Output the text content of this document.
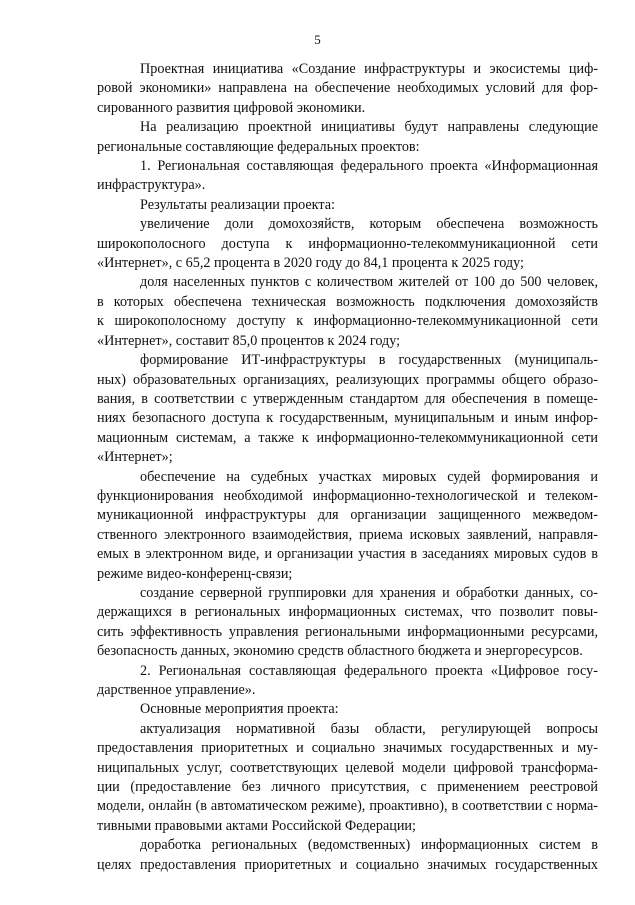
5
Проектная инициатива «Создание инфраструктуры и экосистемы циф-
ровой экономики» направлена на обеспечение необходимых условий для фор-
сированного развития цифровой экономики.
На реализацию проектной инициативы будут направлены следующие
региональные составляющие федеральных проектов:
1. Региональная составляющая федерального проекта «Информационная
инфраструктура».
Результаты реализации проекта:
увеличение доли домохозяйств, которым обеспечена возможность
широкополосного доступа к информационно-телекоммуникационной сети
«Интернет», с 65,2 процента в 2020 году до 84,1 процента к 2025 году;
доля населенных пунктов с количеством жителей от 100 до 500 человек,
в которых обеспечена техническая возможность подключения домохозяйств
к широкополосному доступу к информационно-телекоммуникационной сети
«Интернет», составит 85,0 процентов к 2024 году;
формирование ИТ-инфраструктуры в государственных (муниципаль-
ных) образовательных организациях, реализующих программы общего образо-
вания, в соответствии с утвержденным стандартом для обеспечения в помеще-
ниях безопасного доступа к государственным, муниципальным и иным инфор-
мационным системам, а также к информационно-телекоммуникационной сети
«Интернет»;
обеспечение на судебных участках мировых судей формирования и
функционирования необходимой информационно-технологической и телеком-
муникационной инфраструктуры для организации защищенного межведом-
ственного электронного взаимодействия, приема исковых заявлений, направля-
емых в электронном виде, и организации участия в заседаниях мировых судов в
режиме видео-конференц-связи;
создание серверной группировки для хранения и обработки данных, со-
держащихся в региональных информационных системах, что позволит повы-
сить эффективность управления региональными информационными ресурсами,
безопасность данных, экономию средств областного бюджета и энергоресурсов.
2. Региональная составляющая федерального проекта «Цифровое госу-
дарственное управление».
Основные мероприятия проекта:
актуализация нормативной базы области, регулирующей вопросы
предоставления приоритетных и социально значимых государственных и му-
ниципальных услуг, соответствующих целевой модели цифровой трансформа-
ции (предоставление без личного присутствия, с применением реестровой
модели, онлайн (в автоматическом режиме), проактивно), в соответствии с норма-
тивными правовыми актами Российской Федерации;
доработка региональных (ведомственных) информационных систем в
целях предоставления приоритетных и социально значимых государственных
